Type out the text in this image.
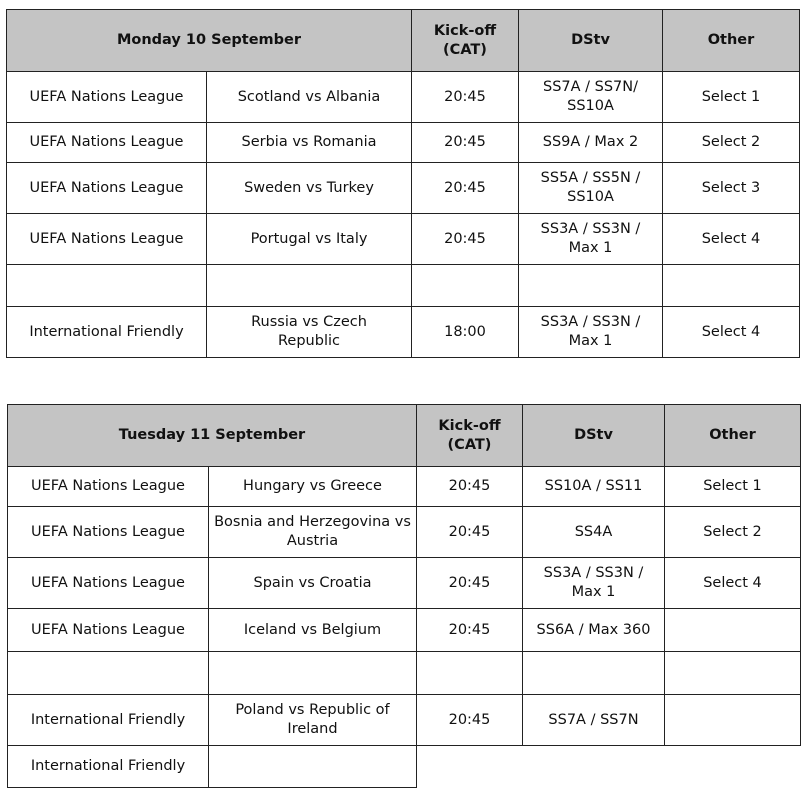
Monday 10 September		Kick-off (CAT)	DStv	Other
UEFA Nations League	Scotland vs Albania	20:45	SS7A / SS7N/ SS10A	Select 1
UEFA Nations League	Serbia vs Romania	20:45	SS9A / Max 2	Select 2
UEFA Nations League	Sweden vs Turkey	20:45	SS5A / SS5N / SS10A	Select 3
UEFA Nations League	Portugal vs Italy	20:45	SS3A / SS3N / Max 1	Select 4

International Friendly	Russia vs Czech Republic	18:00	SS3A / SS3N / Max 1	Select 4
Tuesday 11 September		Kick-off (CAT)	DStv	Other
UEFA Nations League	Hungary vs Greece	20:45	SS10A / SS11	Select 1
UEFA Nations League	Bosnia and Herzegovina vs Austria	20:45	SS4A	Select 2
UEFA Nations League	Spain vs Croatia	20:45	SS3A / SS3N / Max 1	Select 4
UEFA Nations League	Iceland vs Belgium	20:45	SS6A / Max 360	

International Friendly	Poland vs Republic of Ireland	20:45	SS7A / SS7N	
International Friendly				
